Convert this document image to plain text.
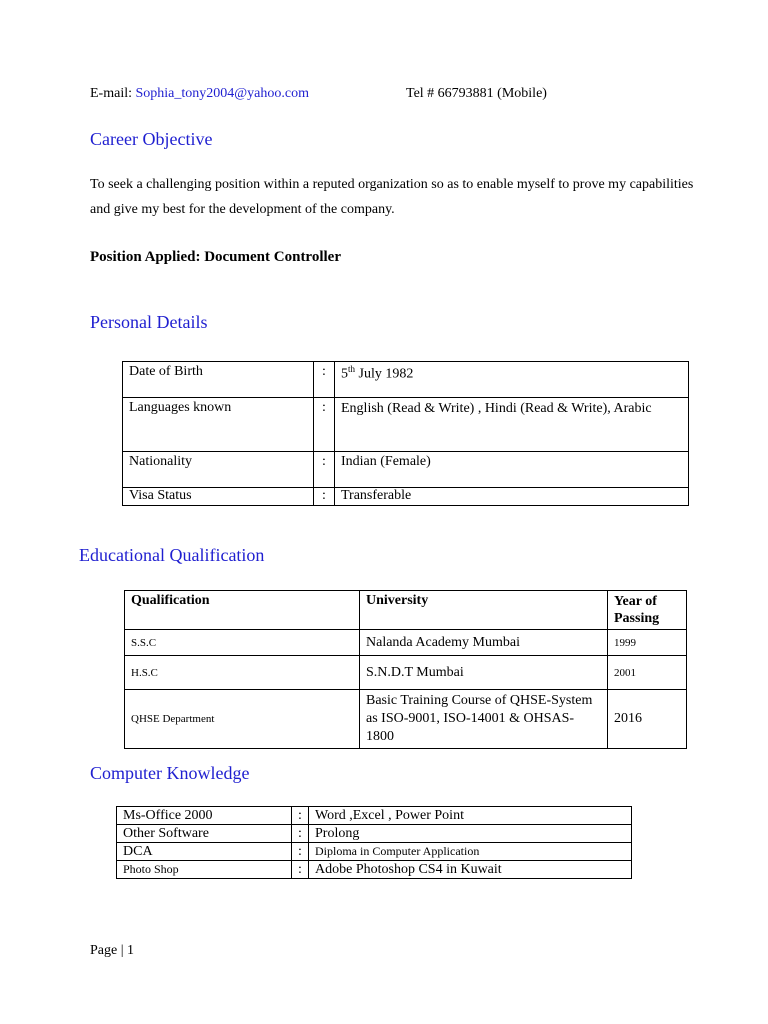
E-mail: Sophia_tony2004@yahoo.com	Tel # 66793881 (Mobile)
Career Objective
To seek a challenging position within a reputed organization so as to enable myself to prove my capabilities
and give my best for the development of the company.
Position Applied: Document Controller
Personal Details
Date of Birth	:	5th July 1982
Languages known	:	English (Read & Write) , Hindi (Read & Write), Arabic
Nationality	:	Indian (Female)
Visa Status	:	Transferable
Educational Qualification
Qualification	University	Year of Passing
S.S.C	Nalanda Academy Mumbai	1999
H.S.C	S.N.D.T Mumbai	2001
QHSE Department	Basic Training Course of QHSE-System as ISO-9001, ISO-14001 & OHSAS-1800	2016
Computer Knowledge
Ms-Office 2000	:	Word ,Excel , Power Point
Other Software	:	Prolong
DCA	:	Diploma in Computer Application
Photo Shop	:	Adobe Photoshop CS4 in Kuwait
Page | 1
